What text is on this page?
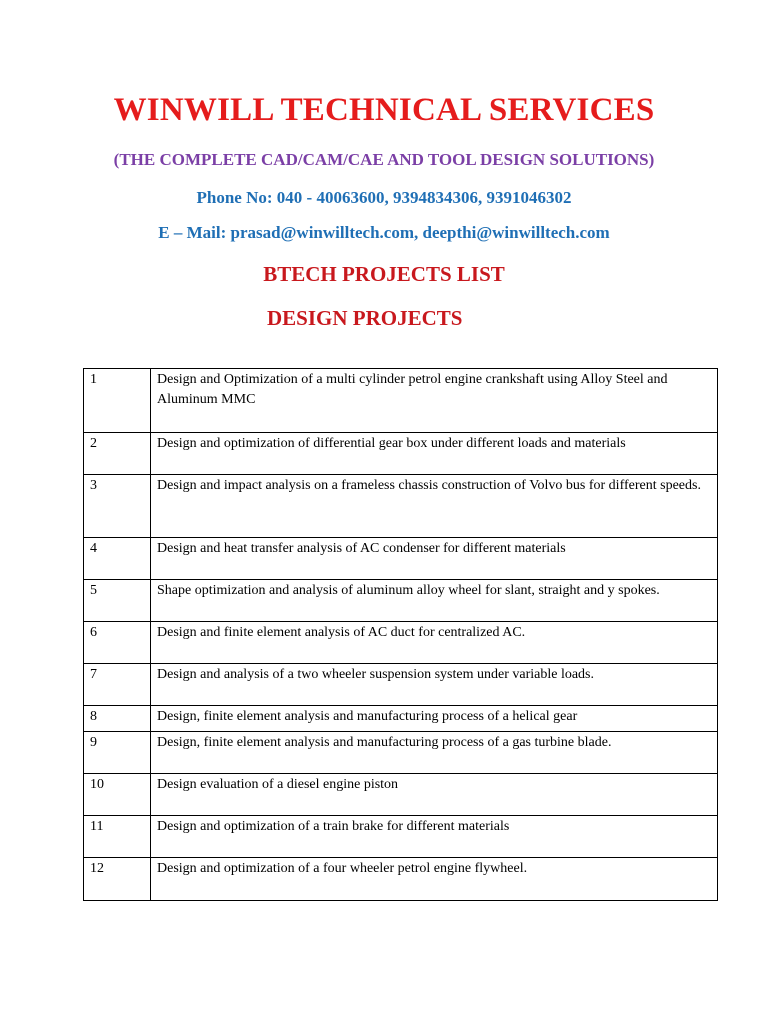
WINWILL TECHNICAL SERVICES

(THE COMPLETE CAD/CAM/CAE AND TOOL DESIGN SOLUTIONS)

Phone No: 040 - 40063600, 9394834306, 9391046302

E – Mail: prasad@winwilltech.com, deepthi@winwilltech.com

BTECH PROJECTS LIST
DESIGN PROJECTS
1	Design and Optimization of a multi cylinder petrol engine crankshaft using Alloy Steel and Aluminum MMC
2	Design and optimization of differential gear box under different loads and materials
3	Design and impact analysis on a frameless chassis construction of Volvo bus for different speeds.
4	Design and heat transfer analysis of AC condenser for different materials
5	Shape optimization and analysis of aluminum alloy wheel for slant, straight and y spokes.
6	Design and finite element analysis of AC duct for centralized AC.
7	Design and analysis of a two wheeler suspension system under variable loads.
8	Design, finite element analysis and manufacturing process of a helical gear
9	Design, finite element analysis and manufacturing process of a gas turbine blade.
10	Design evaluation of a diesel engine piston
11	Design and optimization of a train brake for different materials
12	Design and optimization of a four wheeler petrol engine flywheel.
